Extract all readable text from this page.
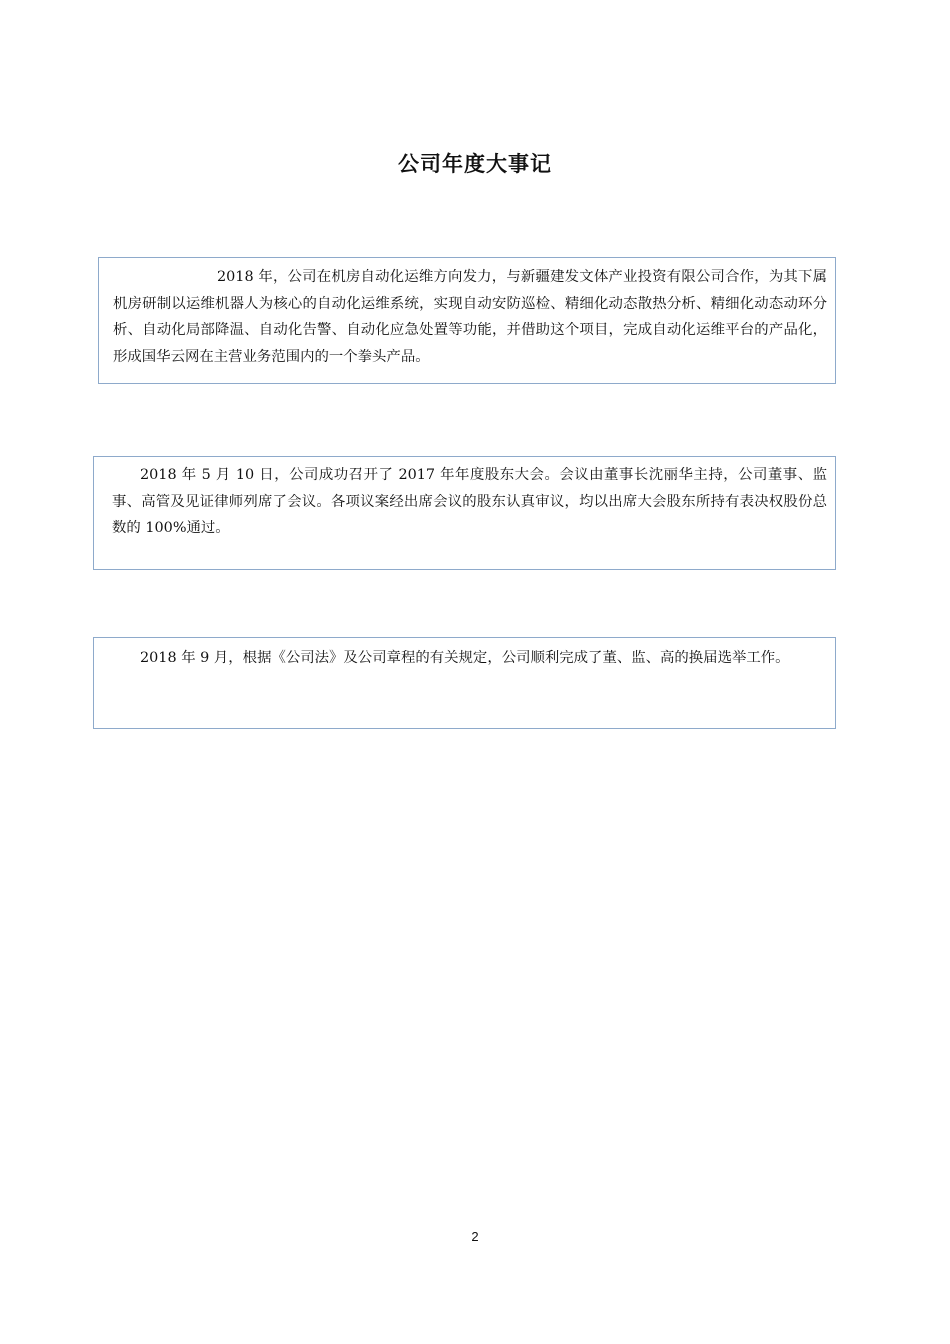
公司年度大事记

2018 年，公司在机房自动化运维方向发力，与新疆建发文体产业投资有限公司合作，为其下属机房研制以运维机器人为核心的自动化运维系统，实现自动安防巡检、精细化动态散热分析、精细化动态动环分析、自动化局部降温、自动化告警、自动化应急处置等功能，并借助这个项目，完成自动化运维平台的产品化，形成国华云网在主营业务范围内的一个拳头产品。

2018 年 5 月 10 日，公司成功召开了 2017 年年度股东大会。会议由董事长沈丽华主持，公司董事、监事、高管及见证律师列席了会议。各项议案经出席会议的股东认真审议，均以出席大会股东所持有表决权股份总数的 100%通过。

2018 年 9 月，根据《公司法》及公司章程的有关规定，公司顺利完成了董、监、高的换届选举工作。

2
